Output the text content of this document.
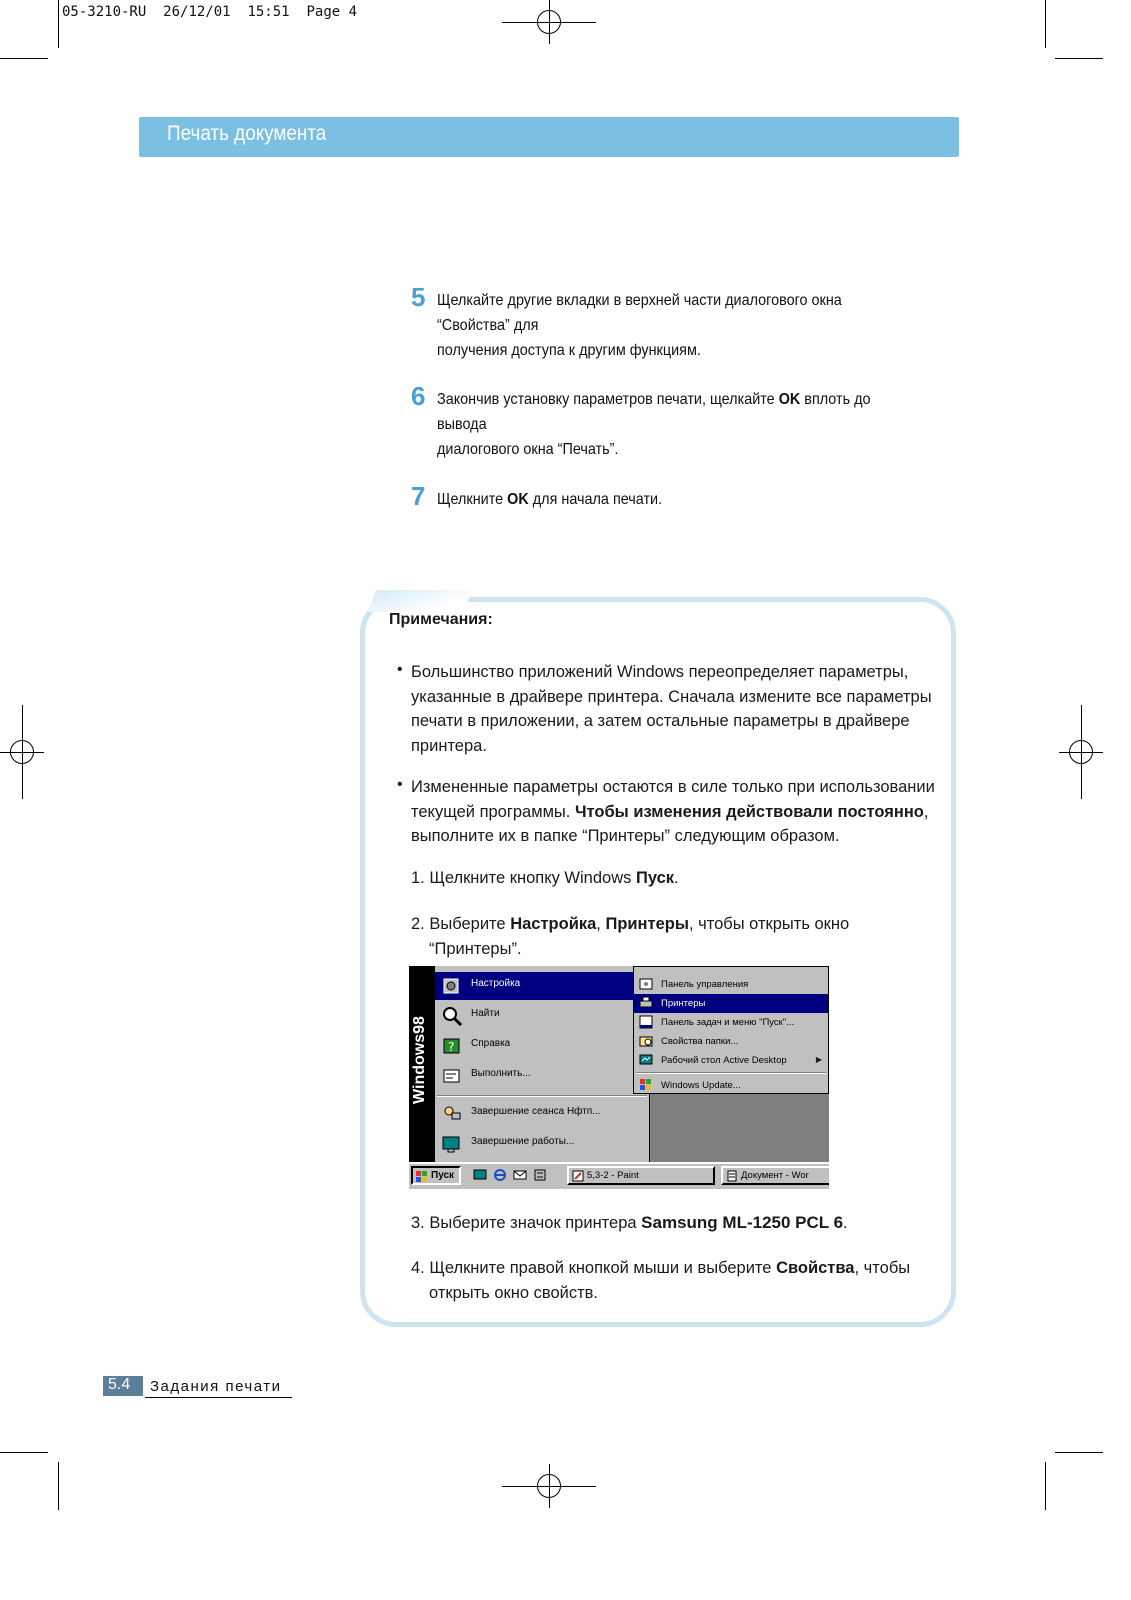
05-3210-RU 26/12/01 15:51 Page 4
Печать документа
5 Щелкайте другие вкладки в верхней части диалогового окна “Свойства” для
получения доступа к другим функциям.
6 Закончив установку параметров печати, щелкайте OK вплоть до вывода
диалогового окна “Печать”.
7 Щелкните OK для начала печати.
Примечания:
• Большинство приложений Windows переопределяет параметры,
указанные в драйвере принтера. Сначала измените все параметры
печати в приложении, а затем остальные параметры в драйвере
принтера.
• Измененные параметры остаются в силе только при использовании
текущей программы. Чтобы изменения действовали постоянно,
выполните их в папке “Принтеры” следующим образом.
1. Щелкните кнопку Windows Пуск.
2. Выберите Настройка, Принтеры, чтобы открыть окно
“Принтеры”.
Windows98
Настройка
Найти
? Справка
Выполнить...
Завершение сеанса Нфтп...
Завершение работы...
Панель управления
Принтеры
Панель задач и меню "Пуск"...
Свойства папки...
Рабочий стол Active Desktop	▶
Windows Update...
Пуск	5,3-2 - Paint	Документ - Wor
3. Выберите значок принтера Samsung ML-1250 PCL 6.
4. Щелкните правой кнопкой мыши и выберите Свойства, чтобы
открыть окно свойств.
5.4 Задания печати
